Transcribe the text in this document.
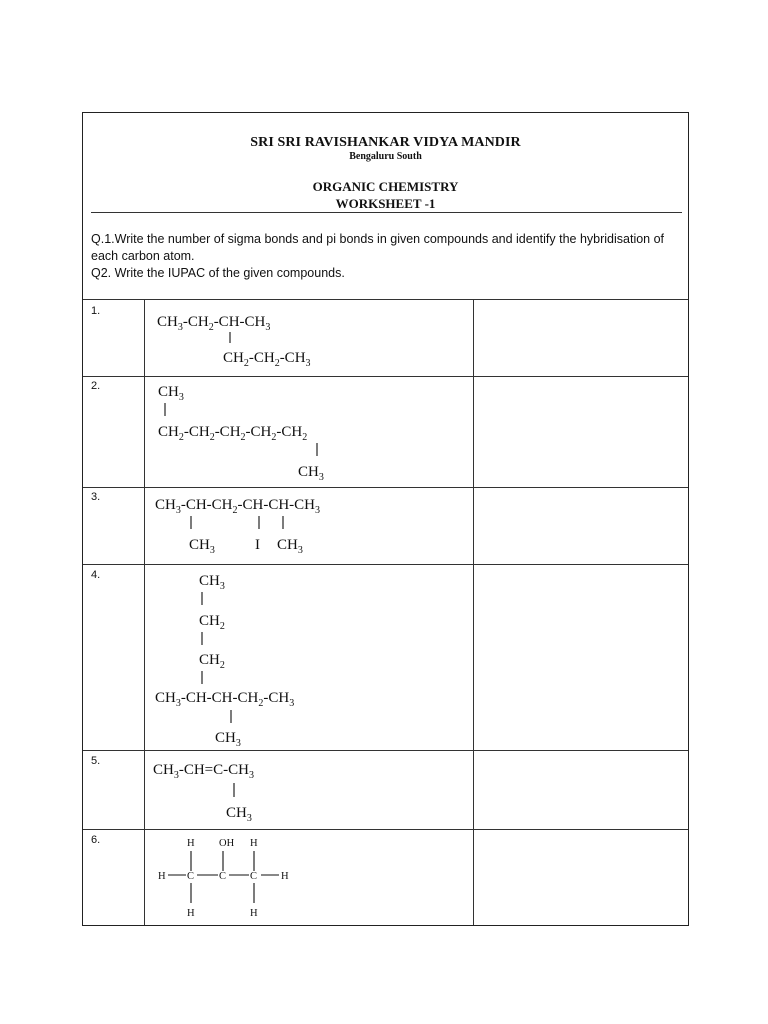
SRI SRI RAVISHANKAR VIDYA MANDIR
Bengaluru South
ORGANIC CHEMISTRY
WORKSHEET -1

Q.1.Write the number of sigma bonds and pi bonds in given compounds and identify the hybridisation of each carbon atom.

Q2. Write the IUPAC of the given compounds.

1.
2.
3.
4.
5.
6.
CH3-CH2-CH-CH3
CH2-CH2-CH3
CH3
CH2-CH2-CH2-CH2-CH2
CH3
CH3-CH-CH2-CH-CH-CH3
CH3	I CH3
CH3
CH2
CH2
CH3-CH-CH-CH2-CH3
CH3
CH3-CH=C-CH3
CH3
H OH H
H C C C H
H	H
